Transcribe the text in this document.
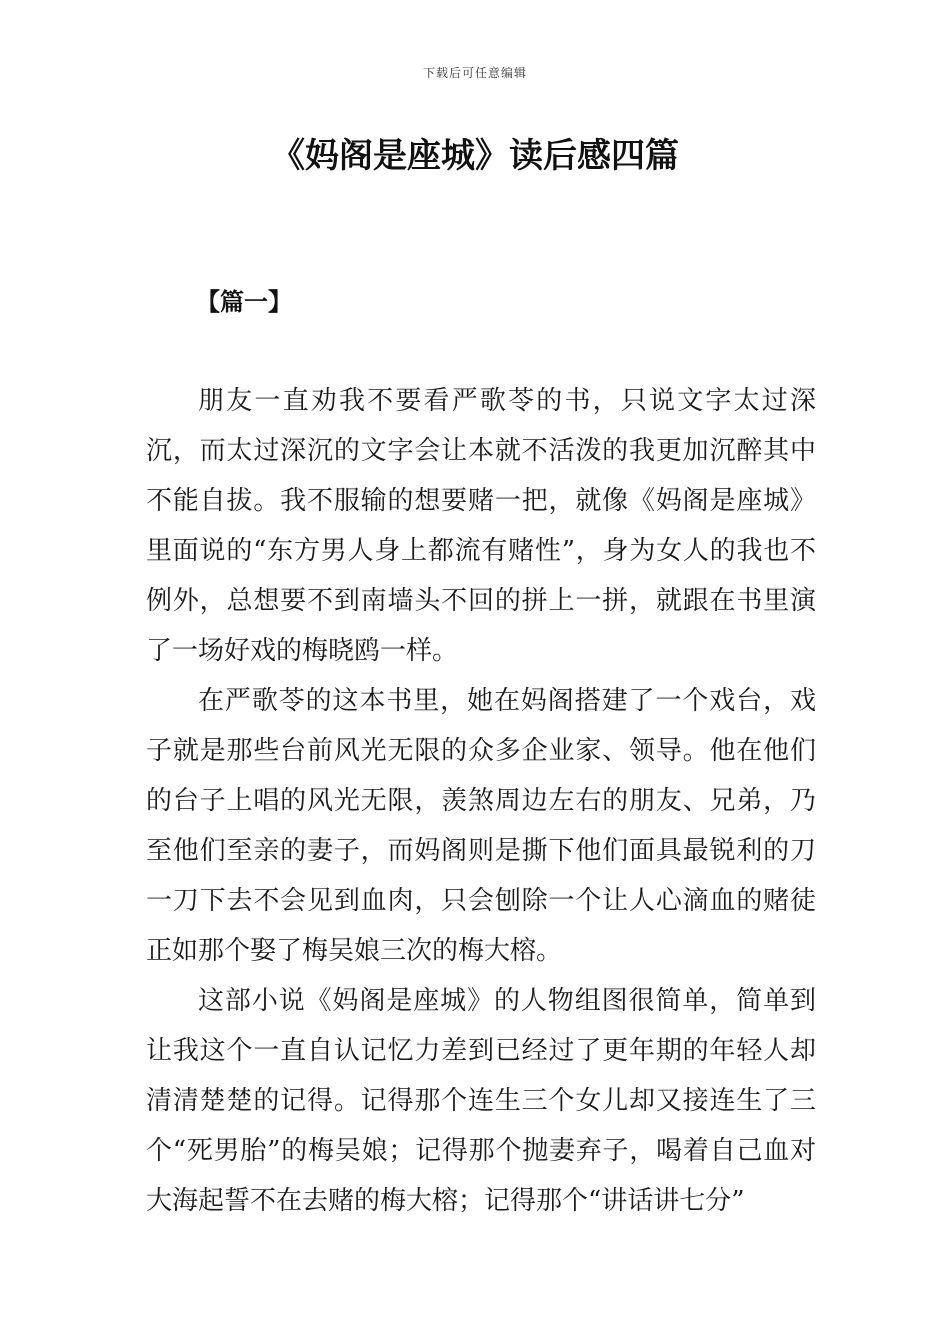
下载后可任意编辑
《妈阁是座城》读后感四篇
【篇一】

朋友一直劝我不要看严歌苓的书，只说文字太过深沉，而太过深沉的文字会让本就不活泼的我更加沉醉其中不能自拔。我不服输的想要赌一把，就像《妈阁是座城》里面说的“东方男人身上都流有赌性”，身为女人的我也不例外，总想要不到南墙头不回的拼上一拼，就跟在书里演了一场好戏的梅晓鸥一样。

在严歌苓的这本书里，她在妈阁搭建了一个戏台，戏子就是那些台前风光无限的众多企业家、领导。他在他们的台子上唱的风光无限，羡煞周边左右的朋友、兄弟，乃至他们至亲的妻子，而妈阁则是撕下他们面具最锐利的刀一刀下去不会见到血肉，只会刨除一个让人心滴血的赌徒正如那个娶了梅吴娘三次的梅大榕。

这部小说《妈阁是座城》的人物组图很简单，简单到让我这个一直自认记忆力差到已经过了更年期的年轻人却清清楚楚的记得。记得那个连生三个女儿却又接连生了三个“死男胎”的梅吴娘；记得那个抛妻弃子，喝着自己血对大海起誓不在去赌的梅大榕；记得那个“讲话讲七分”
